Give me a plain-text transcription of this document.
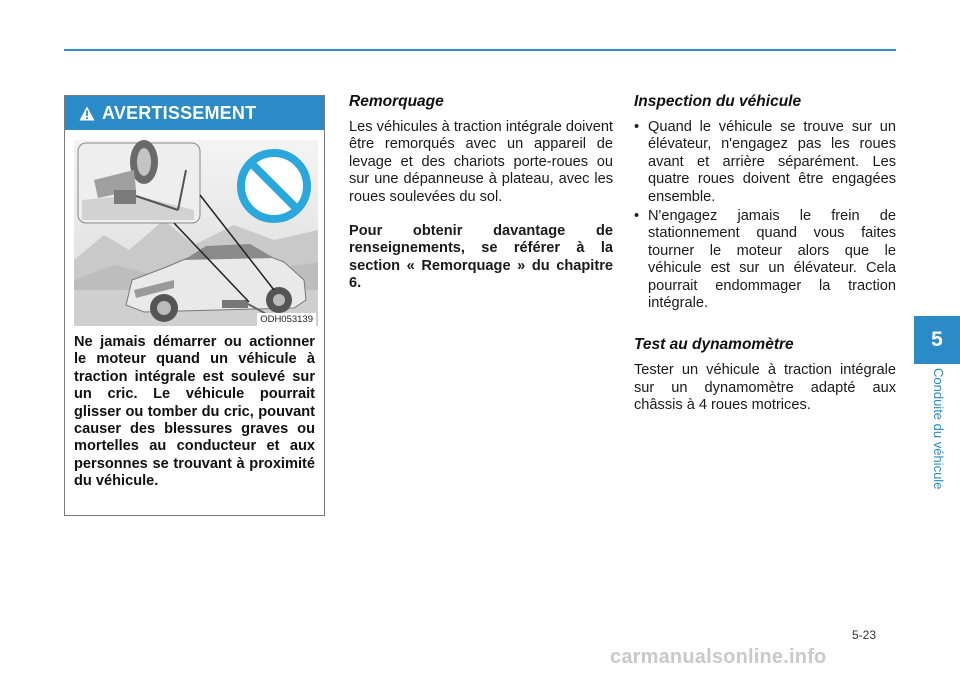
AVERTISSEMENT
ODH053139
Ne jamais démarrer ou actionner le moteur quand un véhicule à traction intégrale est soulevé sur un cric. Le véhicule pourrait glisser ou tomber du cric, pouvant causer des blessures graves ou mortelles au conducteur et aux personnes se trouvant à proximité du véhicule.
Remorquage

Les véhicules à traction intégrale doivent être remorqués avec un appareil de levage et des chariots porte-roues ou sur une dépanneuse à plateau, avec les roues soulevées du sol.

Pour obtenir davantage de renseignements, se référer à la section « Remorquage » du chapitre 6.

Inspection du véhicule
• Quand le véhicule se trouve sur un élévateur, n'engagez pas les roues avant et arrière séparément. Les quatre roues doivent être engagées ensemble.
• N'engagez jamais le frein de stationnement quand vous faites tourner le moteur alors que le véhicule est sur un élévateur. Cela pourrait endommager la traction intégrale.
Test au dynamomètre

Tester un véhicule à traction intégrale sur un dynamomètre adapté aux châssis à 4 roues motrices.

5
Conduite du véhicule
5-23
carmanualsonline.info
